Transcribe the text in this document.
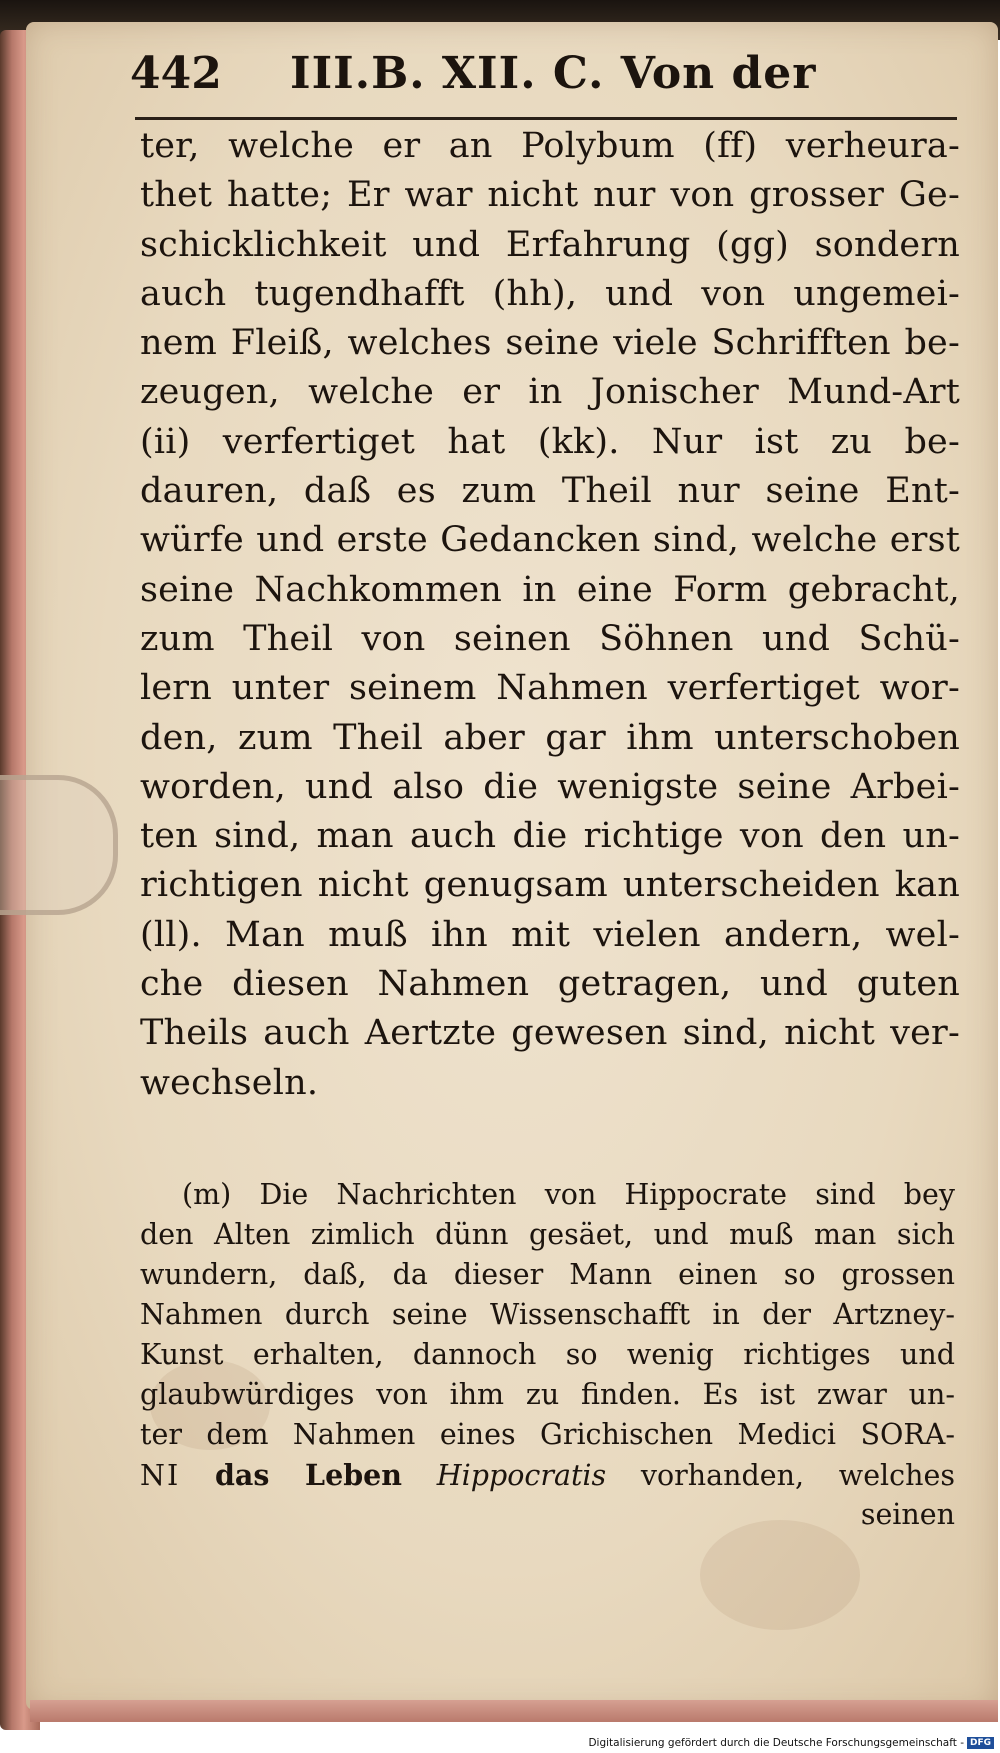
442 III.B. XII. C. Von der
ter, welche er an Polybum (ff) verheura-
thet hatte; Er war nicht nur von grosser Ge-
schicklichkeit und Erfahrung (gg) sondern
auch tugendhafft (hh), und von ungemei-
nem Fleiß, welches seine viele Schrifften be-
zeugen, welche er in Jonischer Mund-Art
(ii) verfertiget hat (kk). Nur ist zu be-
dauren, daß es zum Theil nur seine Ent-
würfe und erste Gedancken sind, welche erst
seine Nachkommen in eine Form gebracht,
zum Theil von seinen Söhnen und Schü-
lern unter seinem Nahmen verfertiget wor-
den, zum Theil aber gar ihm unterschoben
worden, und also die wenigste seine Arbei-
ten sind, man auch die richtige von den un-
richtigen nicht genugsam unterscheiden kan
(ll). Man muß ihn mit vielen andern, wel-
che diesen Nahmen getragen, und guten
Theils auch Aertzte gewesen sind, nicht ver-
wechseln.
(m) Die Nachrichten von Hippocrate sind bey
den Alten zimlich dünn gesäet, und muß man sich
wundern, daß, da dieser Mann einen so grossen
Nahmen durch seine Wissenschafft in der Artzney-
Kunst erhalten, dannoch so wenig richtiges und
glaubwürdiges von ihm zu finden. Es ist zwar un-
ter dem Nahmen eines Grichischen Medici SORA-
NI das Leben Hippocratis vorhanden, welches
seinen
Digitalisierung gefördert durch die Deutsche Forschungsgemeinschaft - DFG
